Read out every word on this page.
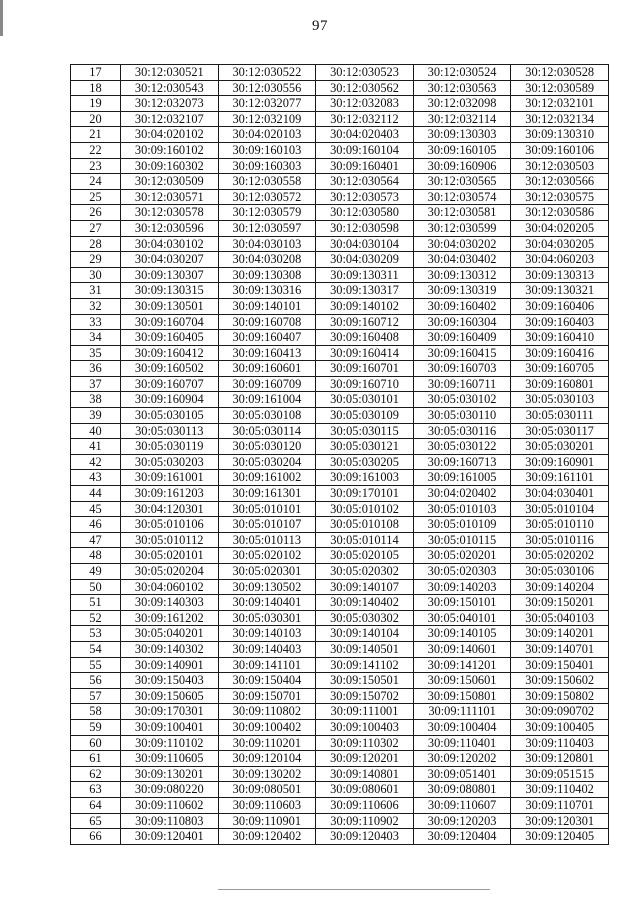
97
17	30:12:030521	30:12:030522	30:12:030523	30:12:030524	30:12:030528
18	30:12:030543	30:12:030556	30:12:030562	30:12:030563	30:12:030589
19	30:12:032073	30:12:032077	30:12:032083	30:12:032098	30:12:032101
20	30:12:032107	30:12:032109	30:12:032112	30:12:032114	30:12:032134
21	30:04:020102	30:04:020103	30:04:020403	30:09:130303	30:09:130310
22	30:09:160102	30:09:160103	30:09:160104	30:09:160105	30:09:160106
23	30:09:160302	30:09:160303	30:09:160401	30:09:160906	30:12:030503
24	30:12:030509	30:12:030558	30:12:030564	30:12:030565	30:12:030566
25	30:12:030571	30:12:030572	30:12:030573	30:12:030574	30:12:030575
26	30:12:030578	30:12:030579	30:12:030580	30:12:030581	30:12:030586
27	30:12:030596	30:12:030597	30:12:030598	30:12:030599	30:04:020205
28	30:04:030102	30:04:030103	30:04:030104	30:04:030202	30:04:030205
29	30:04:030207	30:04:030208	30:04:030209	30:04:030402	30:04:060203
30	30:09:130307	30:09:130308	30:09:130311	30:09:130312	30:09:130313
31	30:09:130315	30:09:130316	30:09:130317	30:09:130319	30:09:130321
32	30:09:130501	30:09:140101	30:09:140102	30:09:160402	30:09:160406
33	30:09:160704	30:09:160708	30:09:160712	30:09:160304	30:09:160403
34	30:09:160405	30:09:160407	30:09:160408	30:09:160409	30:09:160410
35	30:09:160412	30:09:160413	30:09:160414	30:09:160415	30:09:160416
36	30:09:160502	30:09:160601	30:09:160701	30:09:160703	30:09:160705
37	30:09:160707	30:09:160709	30:09:160710	30:09:160711	30:09:160801
38	30:09:160904	30:09:161004	30:05:030101	30:05:030102	30:05:030103
39	30:05:030105	30:05:030108	30:05:030109	30:05:030110	30:05:030111
40	30:05:030113	30:05:030114	30:05:030115	30:05:030116	30:05:030117
41	30:05:030119	30:05:030120	30:05:030121	30:05:030122	30:05:030201
42	30:05:030203	30:05:030204	30:05:030205	30:09:160713	30:09:160901
43	30:09:161001	30:09:161002	30:09:161003	30:09:161005	30:09:161101
44	30:09:161203	30:09:161301	30:09:170101	30:04:020402	30:04:030401
45	30:04:120301	30:05:010101	30:05:010102	30:05:010103	30:05:010104
46	30:05:010106	30:05:010107	30:05:010108	30:05:010109	30:05:010110
47	30:05:010112	30:05:010113	30:05:010114	30:05:010115	30:05:010116
48	30:05:020101	30:05:020102	30:05:020105	30:05:020201	30:05:020202
49	30:05:020204	30:05:020301	30:05:020302	30:05:020303	30:05:030106
50	30:04:060102	30:09:130502	30:09:140107	30:09:140203	30:09:140204
51	30:09:140303	30:09:140401	30:09:140402	30:09:150101	30:09:150201
52	30:09:161202	30:05:030301	30:05:030302	30:05:040101	30:05:040103
53	30:05:040201	30:09:140103	30:09:140104	30:09:140105	30:09:140201
54	30:09:140302	30:09:140403	30:09:140501	30:09:140601	30:09:140701
55	30:09:140901	30:09:141101	30:09:141102	30:09:141201	30:09:150401
56	30:09:150403	30:09:150404	30:09:150501	30:09:150601	30:09:150602
57	30:09:150605	30:09:150701	30:09:150702	30:09:150801	30:09:150802
58	30:09:170301	30:09:110802	30:09:111001	30:09:111101	30:09:090702
59	30:09:100401	30:09:100402	30:09:100403	30:09:100404	30:09:100405
60	30:09:110102	30:09:110201	30:09:110302	30:09:110401	30:09:110403
61	30:09:110605	30:09:120104	30:09:120201	30:09:120202	30:09:120801
62	30:09:130201	30:09:130202	30:09:140801	30:09:051401	30:09:051515
63	30:09:080220	30:09:080501	30:09:080601	30:09:080801	30:09:110402
64	30:09:110602	30:09:110603	30:09:110606	30:09:110607	30:09:110701
65	30:09:110803	30:09:110901	30:09:110902	30:09:120203	30:09:120301
66	30:09:120401	30:09:120402	30:09:120403	30:09:120404	30:09:120405
